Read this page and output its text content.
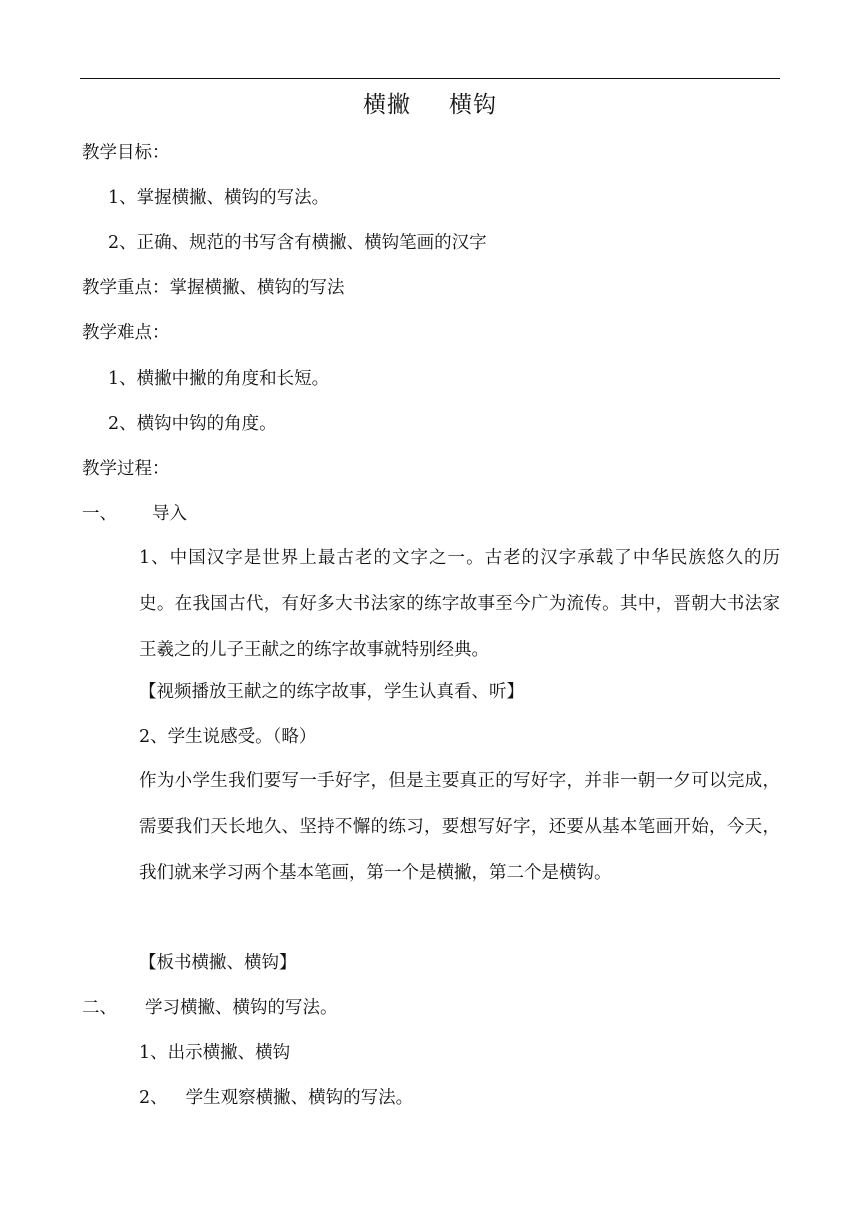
横撇 横钩
教学目标：
1、掌握横撇、横钩的写法。
2、正确、规范的书写含有横撇、横钩笔画的汉字
教学重点：掌握横撇、横钩的写法
教学难点：
1、横撇中撇的角度和长短。
2、横钩中钩的角度。
教学过程：
一、 导入
1、中国汉字是世界上最古老的文字之一。古老的汉字承载了中华民族悠久的历史。在我国古代，有好多大书法家的练字故事至今广为流传。其中，晋朝大书法家王羲之的儿子王献之的练字故事就特别经典。
【视频播放王献之的练字故事，学生认真看、听】
2、学生说感受。（略）
作为小学生我们要写一手好字，但是主要真正的写好字，并非一朝一夕可以完成，需要我们天长地久、坚持不懈的练习，要想写好字，还要从基本笔画开始，今天，我们就来学习两个基本笔画，第一个是横撇，第二个是横钩。
【板书横撇、横钩】
二、 学习横撇、横钩的写法。
1、出示横撇、横钩
2、 学生观察横撇、横钩的写法。
